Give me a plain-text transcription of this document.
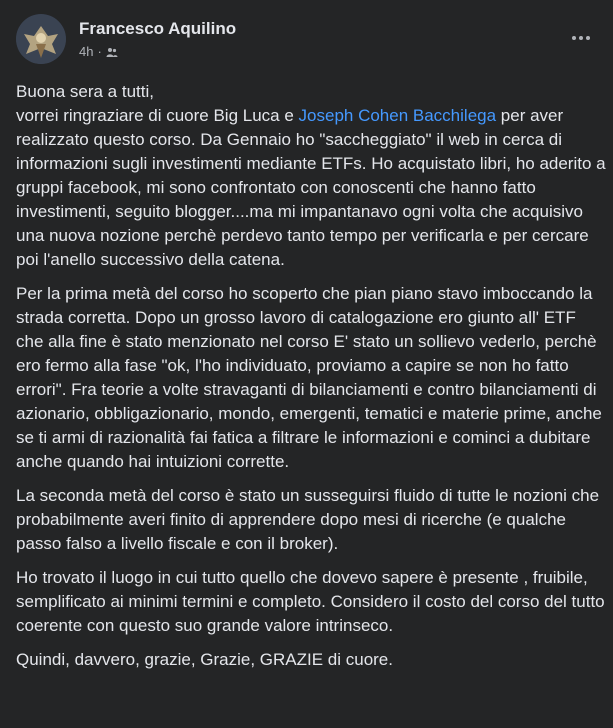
Francesco Aquilino
4h ·

Buona sera a tutti,
vorrei ringraziare di cuore Big Luca e Joseph Cohen Bacchilega per aver realizzato questo corso. Da Gennaio ho "saccheggiato" il web in cerca di informazioni sugli investimenti mediante ETFs. Ho acquistato libri, ho aderito a gruppi facebook, mi sono confrontato con conoscenti che hanno fatto investimenti, seguito blogger....ma mi impantanavo ogni volta che acquisivo una nuova nozione perchè perdevo tanto tempo per verificarla e per cercare poi l'anello successivo della catena.

Per la prima metà del corso ho scoperto che pian piano stavo imboccando la strada corretta. Dopo un grosso lavoro di catalogazione ero giunto all' ETF che alla fine è stato menzionato nel corso E' stato un sollievo vederlo, perchè ero fermo alla fase "ok, l'ho individuato, proviamo a capire se non ho fatto errori". Fra teorie a volte stravaganti di bilanciamenti e contro bilanciamenti di azionario, obbligazionario, mondo, emergenti, tematici e materie prime, anche se ti armi di razionalità fai fatica a filtrare le informazioni e cominci a dubitare anche quando hai intuizioni corrette.

La seconda metà del corso è stato un susseguirsi fluido di tutte le nozioni che probabilmente averi finito di apprendere dopo mesi di ricerche (e qualche passo falso a livello fiscale e con il broker).

Ho trovato il luogo in cui tutto quello che dovevo sapere è presente , fruibile, semplificato ai minimi termini e completo. Considero il costo del corso del tutto coerente con questo suo grande valore intrinseco.

Quindi, davvero, grazie, Grazie, GRAZIE di cuore.
